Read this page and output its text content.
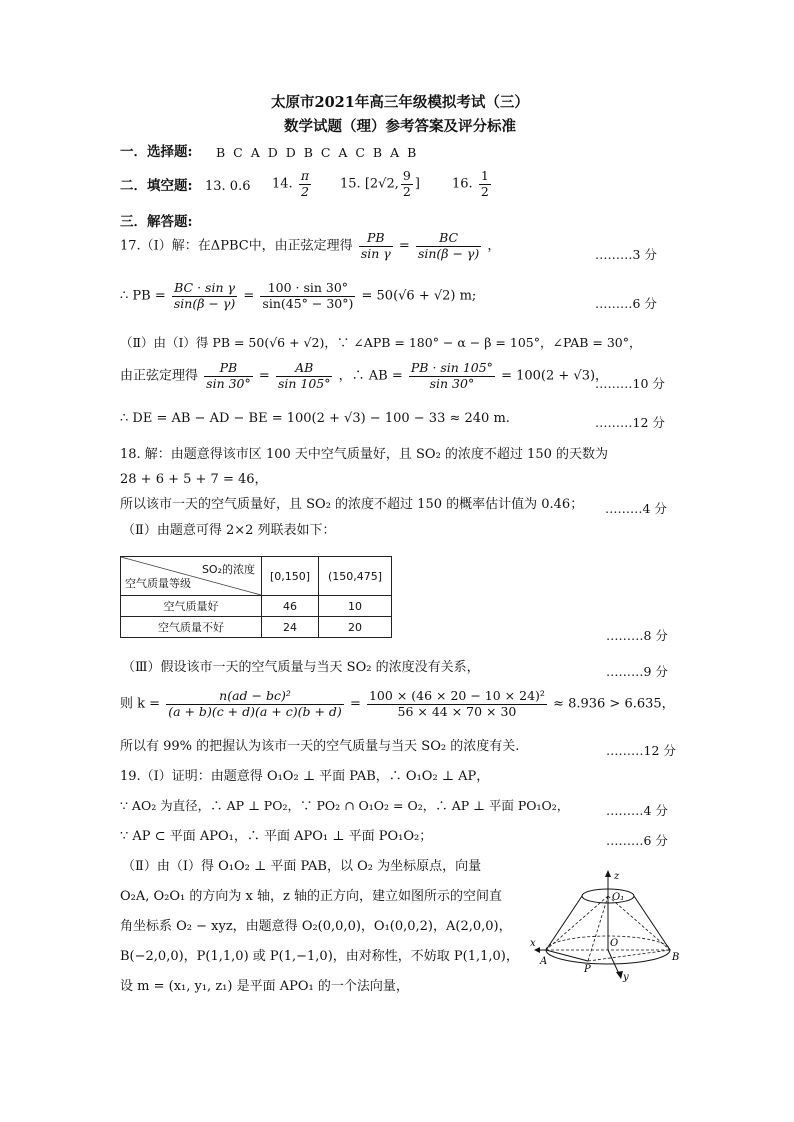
太原市2021年高三年级模拟考试（三）
数学试题（理）参考答案及评分标准
一．选择题: B C A D D B C A C B A B
二．填空题: 13. 0.6 14. $\frac{\pi}{2} 15$. [2√2, $\frac{9}{2}$ ] 16. $\frac{1}{2}$
三．解答题:
17.（Ⅰ）解：在ΔPBC中，由正弦定理得 $\frac{PB}{\text{sin γ}} = \frac{BC}{\sin(\beta - \gamma)}$ ，
………3 分
∴ PB = $\frac{\text{BC · sin γ}}{\sin(\beta - \gamma)} = \frac{100 \cdot \sin 30^\circ}{\sin(45^\circ - 30^\circ)} = 50(√6 + √2)$ m;	………6 分
（Ⅱ）由（Ⅰ）得 PB = 50(√6 + √2)，∵ ∠APB = 180° − α − β = 105°，∠PAB = 30°，
由正弦定理得 $\frac{PB}{\sin 30^\circ} = \frac{AB}{\sin 105^\circ}$ ，∴ AB = $\frac{PB \cdot \sin 105^\circ}{\sin 30^\circ} = 100(2 + √3)$，
………10 分
∴ DE = AB − AD − BE = 100(2 + √3) − 100 − 33 ≈ 240 m.	………12 分
18. 解：由题意得该市区 100 天中空气质量好，且 SO₂ 的浓度不超过 150 的天数为
28 + 6 + 5 + 7 = 46，
所以该市一天的空气质量好，且 SO₂ 的浓度不超过 150 的概率估计值为 0.46； ………4 分
（Ⅱ）由题意可得 2×2 列联表如下：
SO₂的浓度
空气质量等级	[0,150]	(150,475]
空气质量好	46	10
空气质量不好	24	20
………8 分
（Ⅲ）假设该市一天的空气质量与当天 SO₂ 的浓度没有关系，	………9 分
则 $k = \frac{\text{n(ad − bc)²}}{(a + b)(c + d)(a + c)(b + d)} = \frac{\text{100 × (46 × 20 − 10 × 24)²}}{56 \times 44 \times 70 \times 30} \approx 8.936 > 6.635$，
所以有 99% 的把握认为该市一天的空气质量与当天 SO₂ 的浓度有关.	………12 分
19.（Ⅰ）证明：由题意得 O₁O₂ ⊥ 平面 PAB，∴ O₁O₂ ⊥ AP，
∵ AO₂ 为直径，∴ AP ⊥ PO₂，∵ PO₂ ∩ O₁O₂ = O₂，∴ AP ⊥ 平面 PO₁O₂，	………4 分
∵ AP ⊂ 平面 APO₁，∴ 平面 APO₁ ⊥ 平面 PO₁O₂；	………6 分
（Ⅱ）由（Ⅰ）得 O₁O₂ ⊥ 平面 PAB，以 O₂ 为坐标原点，向量
O₂A, O₂O₁ 的方向为 x 轴，z 轴的正方向，建立如图所示的空间直
角坐标系 O₂ − xyz，由题意得 O₂(0,0,0)，O₁(0,0,2)，A(2,0,0)，
B(−2,0,0)，P(1,1,0) 或 P(1,−1,0)，由对称性，不妨取 P(1,1,0)，
设 m = (x₁, y₁, z₁) 是平面 APO₁ 的一个法向量，
z
x
y
O₁
O
A	B
P
